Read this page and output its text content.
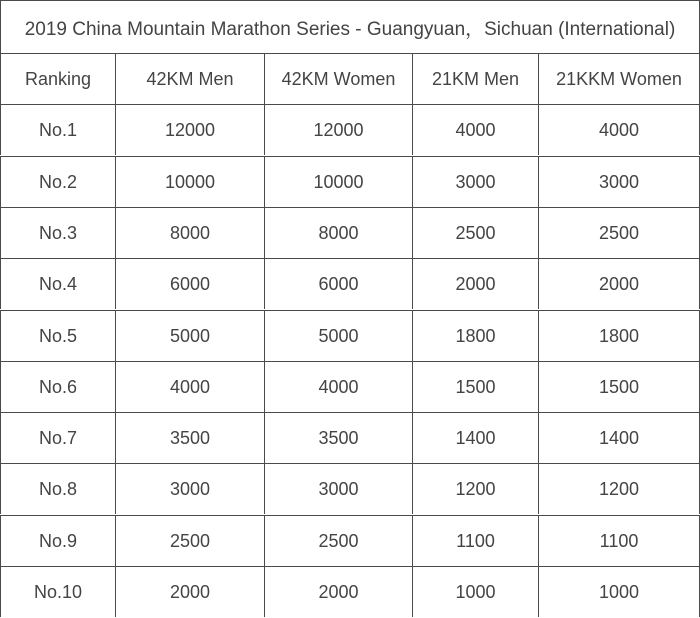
2019 China Mountain Marathon Series - Guangyuan，Sichuan (International)
Ranking	42KM Men	42KM Women	21KM Men	21KKM Women
No.1	12000	12000	4000	4000
No.2	10000	10000	3000	3000
No.3	8000	8000	2500	2500
No.4	6000	6000	2000	2000
No.5	5000	5000	1800	1800
No.6	4000	4000	1500	1500
No.7	3500	3500	1400	1400
No.8	3000	3000	1200	1200
No.9	2500	2500	1100	1100
No.10	2000	2000	1000	1000
